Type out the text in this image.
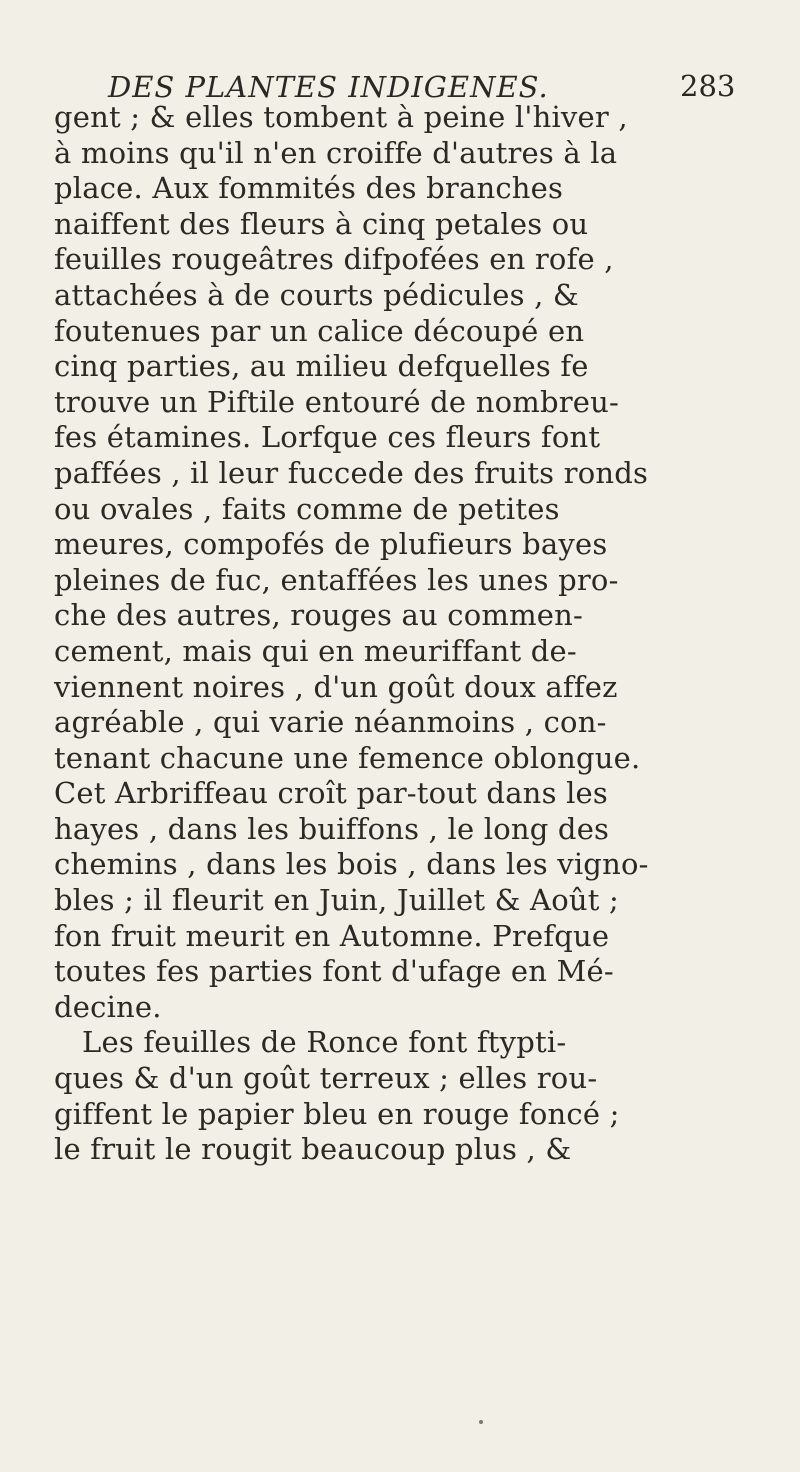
DES PLANTES INDIGENES.	283
gent ; & elles tombent à peine l'hiver ,
à moins qu'il n'en croiffe d'autres à la
place. Aux fommités des branches
naiffent des fleurs à cinq petales ou
feuilles rougeâtres difpofées en rofe ,
attachées à de courts pédicules , &
foutenues par un calice découpé en
cinq parties, au milieu defquelles fe
trouve un Piftile entouré de nombreu-
fes étamines. Lorfque ces fleurs font
paffées , il leur fuccede des fruits ronds
ou ovales , faits comme de petites
meures, compofés de plufieurs bayes
pleines de fuc, entaffées les unes pro-
che des autres, rouges au commen-
cement, mais qui en meuriffant de-
viennent noires , d'un goût doux affez
agréable , qui varie néanmoins , con-
tenant chacune une femence oblongue.
Cet Arbriffeau croît par-tout dans les
hayes , dans les buiffons , le long des
chemins , dans les bois , dans les vigno-
bles ; il fleurit en Juin, Juillet & Août ;
fon fruit meurit en Automne. Prefque
toutes fes parties font d'ufage en Mé-
decine.
Les feuilles de Ronce font ftypti-
ques & d'un goût terreux ; elles rou-
giffent le papier bleu en rouge foncé ;
le fruit le rougit beaucoup plus , &
